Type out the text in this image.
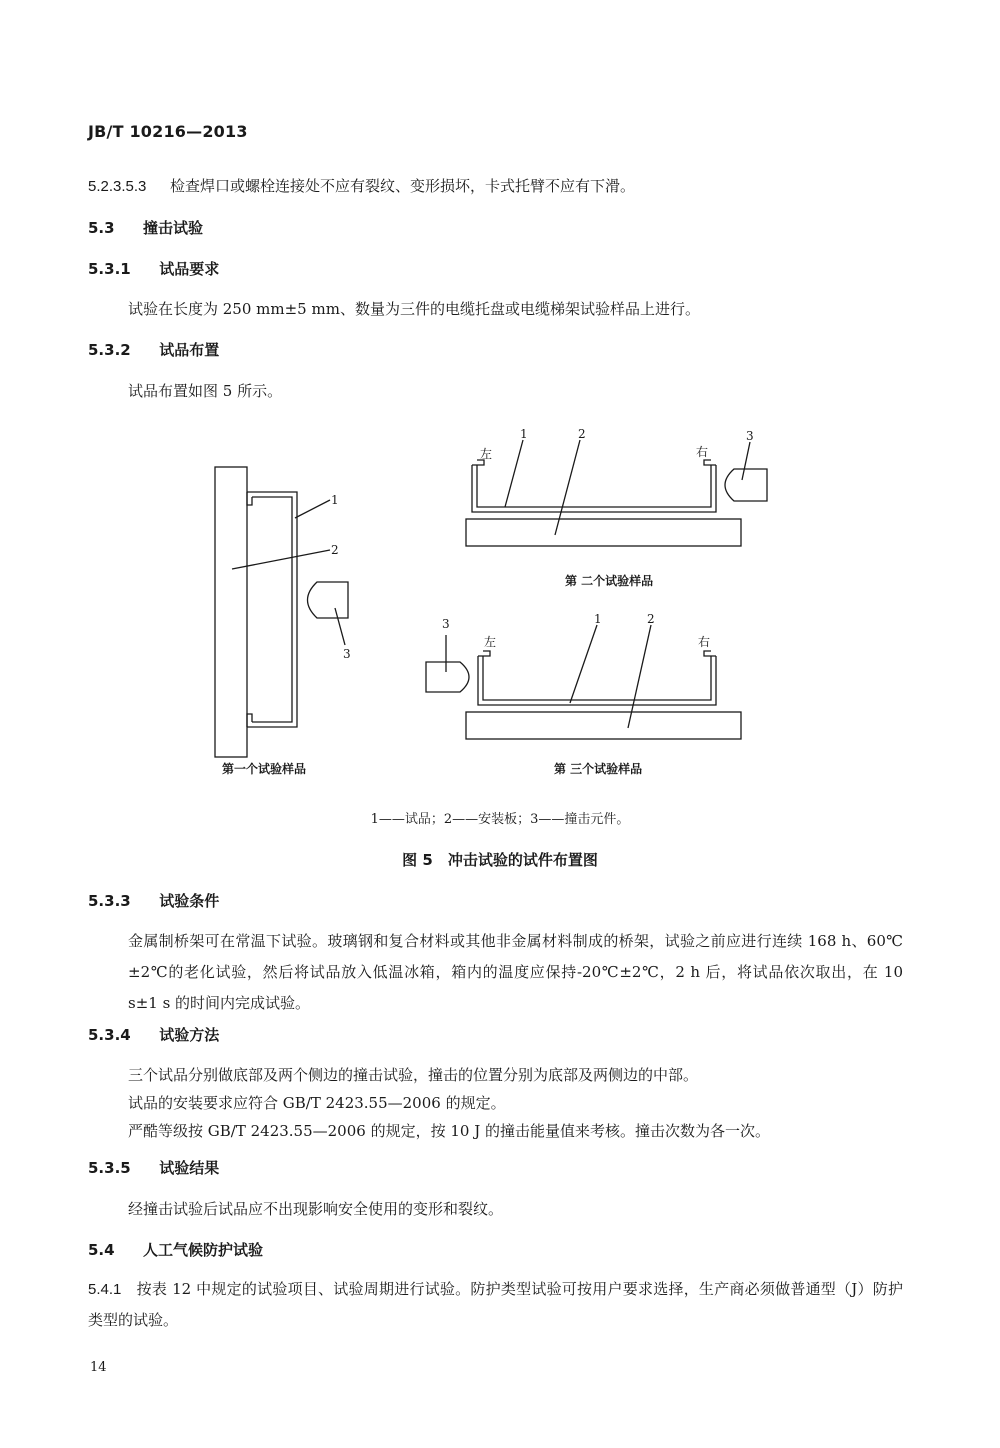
JB/T 10216—2013
5.2.3.5.3 检查焊口或螺栓连接处不应有裂纹、变形损坏，卡式托臂不应有下滑。
5.3 撞击试验
5.3.1 试品要求
试验在长度为 250 mm±5 mm、数量为三件的电缆托盘或电缆梯架试验样品上进行。
5.3.2 试品布置
试品布置如图 5 所示。
1
2
3
1	2	3
左	右
3	1	2
左	右
第一个试验样品
第 二个试验样品
第 三个试验样品
1——试品；2——安装板；3——撞击元件。
图 5　冲击试验的试件布置图
5.3.3 试验条件
金属制桥架可在常温下试验。玻璃钢和复合材料或其他非金属材料制成的桥架，试验之前应进行连续 168 h、60℃±2℃的老化试验，然后将试品放入低温冰箱，箱内的温度应保持-20℃±2℃，2 h 后，将试品依次取出，在 10 s±1 s 的时间内完成试验。
5.3.4 试验方法
三个试品分别做底部及两个侧边的撞击试验，撞击的位置分别为底部及两侧边的中部。
试品的安装要求应符合 GB/T 2423.55—2006 的规定。
严酷等级按 GB/T 2423.55—2006 的规定，按 10 J 的撞击能量值来考核。撞击次数为各一次。
5.3.5 试验结果
经撞击试验后试品应不出现影响安全使用的变形和裂纹。
5.4 人工气候防护试验
5.4.1 按表 12 中规定的试验项目、试验周期进行试验。防护类型试验可按用户要求选择，生产商必须做普通型（J）防护类型的试验。
14
